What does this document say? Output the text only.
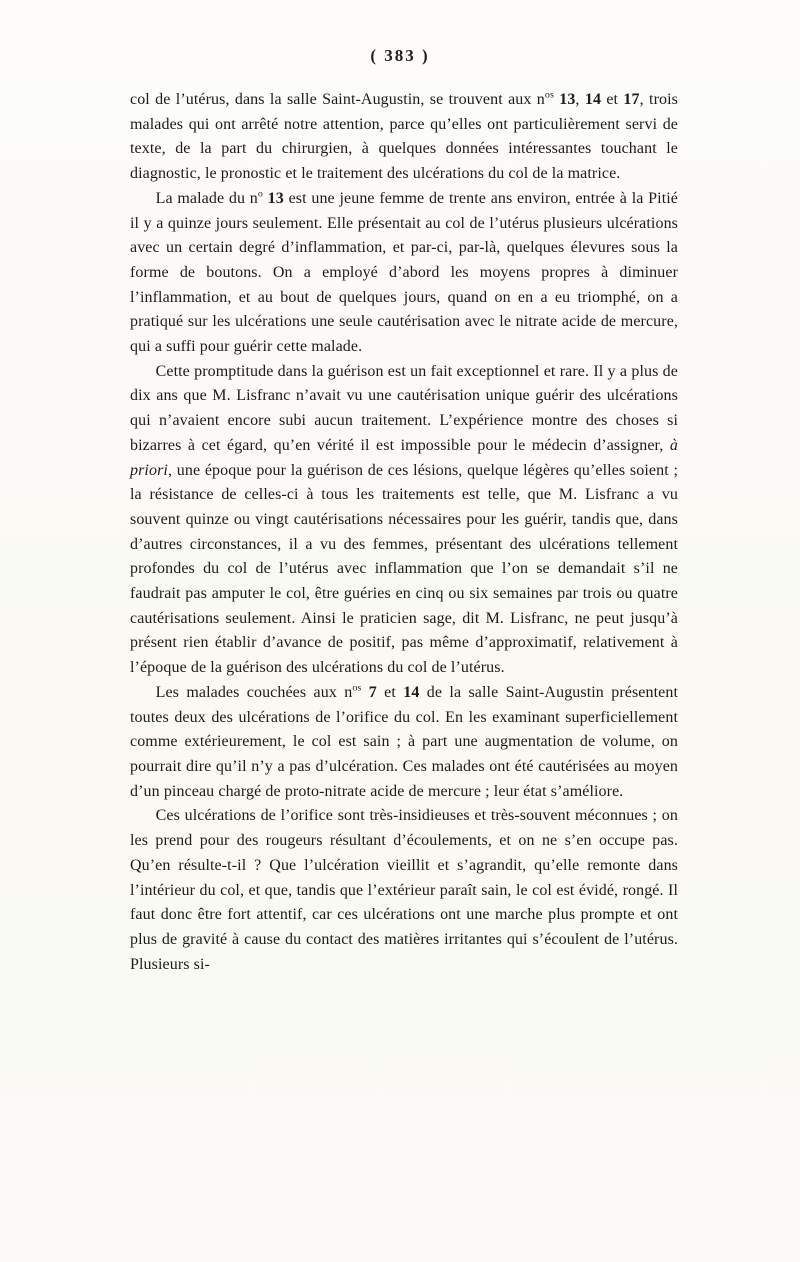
( 383 )

col de l’utérus, dans la salle Saint-Augustin, se trouvent aux $n^{os}$ 13, 14 et 17, trois malades qui ont arrêté notre attention, parce qu’elles ont particulièrement servi de texte, de la part du chirurgien, à quelques données intéressantes touchant le diagnostic, le pronostic et le traitement des ulcérations du col de la matrice.

La malade du $n^o$ 13 est une jeune femme de trente ans environ, entrée à la Pitié il y a quinze jours seulement. Elle présentait au col de l’utérus plusieurs ulcérations avec un certain degré d’inflammation, et par-ci, par-là, quelques élevures sous la forme de boutons. On a employé d’abord les moyens propres à diminuer l’inflammation, et au bout de quelques jours, quand on en a eu triomphé, on a pratiqué sur les ulcérations une seule cautérisation avec le nitrate acide de mercure, qui a suffi pour guérir cette malade.

Cette promptitude dans la guérison est un fait exceptionnel et rare. Il y a plus de dix ans que M. Lisfranc n’avait vu une cautérisation unique guérir des ulcérations qui n’avaient encore subi aucun traitement. L’expérience montre des choses si bizarres à cet égard, qu’en vérité il est impossible pour le médecin d’assigner, à priori, une époque pour la guérison de ces lésions, quelque légères qu’elles soient ; la résistance de celles-ci à tous les traitements est telle, que M. Lisfranc a vu souvent quinze ou vingt cautérisations nécessaires pour les guérir, tandis que, dans d’autres circonstances, il a vu des femmes, présentant des ulcérations tellement profondes du col de l’utérus avec inflammation que l’on se demandait s’il ne faudrait pas amputer le col, être guéries en cinq ou six semaines par trois ou quatre cautérisations seulement. Ainsi le praticien sage, dit M. Lisfranc, ne peut jusqu’à présent rien établir d’avance de positif, pas même d’approximatif, relativement à l’époque de la guérison des ulcérations du col de l’utérus.

Les malades couchées aux $n^{os}$ 7 et 14 de la salle Saint-Augustin présentent toutes deux des ulcérations de l’orifice du col. En les examinant superficiellement comme extérieurement, le col est sain ; à part une augmentation de volume, on pourrait dire qu’il n’y a pas d’ulcération. Ces malades ont été cautérisées au moyen d’un pinceau chargé de proto-nitrate acide de mercure ; leur état s’améliore.

Ces ulcérations de l’orifice sont très-insidieuses et très-souvent méconnues ; on les prend pour des rougeurs résultant d’écoulements, et on ne s’en occupe pas. Qu’en résulte-t-il ? Que l’ulcération vieillit et s’agrandit, qu’elle remonte dans l’intérieur du col, et que, tandis que l’extérieur paraît sain, le col est évidé, rongé. Il faut donc être fort attentif, car ces ulcérations ont une marche plus prompte et ont plus de gravité à cause du contact des matières irritantes qui s’écoulent de l’utérus. Plusieurs si-
